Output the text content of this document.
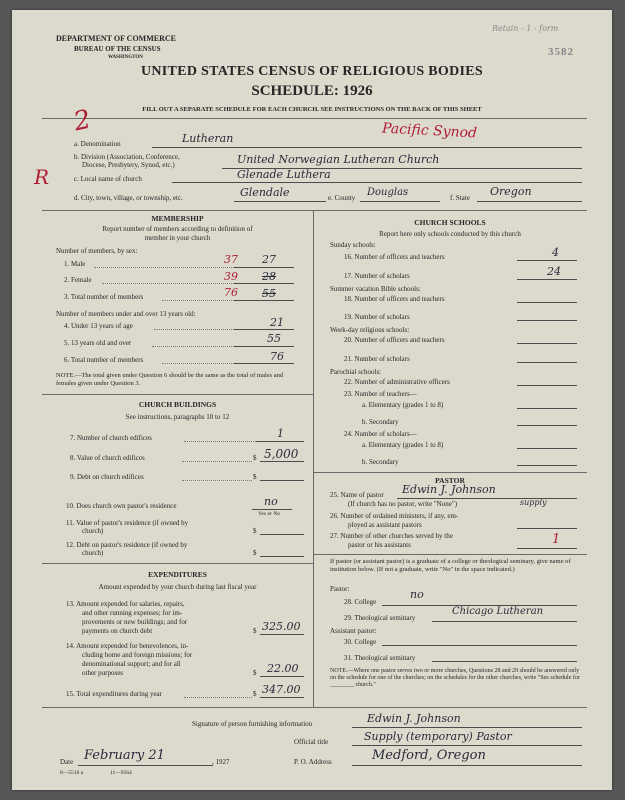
DEPARTMENT OF COMMERCE
BUREAU OF THE CENSUS
WASHINGTON
Retain - 1 - form
3582
UNITED STATES CENSUS OF RELIGIOUS BODIES
SCHEDULE: 1926
FILL OUT A SEPARATE SCHEDULE FOR EACH CHURCH. SEE INSTRUCTIONS ON THE BACK OF THIS SHEET
2
R
Pacific Synod
a. Denomination	Lutheran
b. Division (Association, Conference,
Diocese, Presbytery, Synod, etc.)	United Norwegian Lutheran Church
c. Local name of church	Glenade Luthera
d. City, town, village, or township, etc.	Glendale	e. County Douglas	f. State Oregon
MEMBERSHIP
Report number of members according to definition of
member in your church
Number of members, by sex:
1. Male	37 27
2. Female	39 28
3. Total number of members	76 55
Number of members under and over 13 years old:
4. Under 13 years of age	21
5. 13 years old and over	55
6. Total number of members	76
NOTE.—The total given under Question 6 should be the same as the total of males and females given under Question 3.
CHURCH BUILDINGS
See instructions, paragraphs 10 to 12
7. Number of church edifices	1
8. Value of church edifices	$ 5,000
9. Debt on church edifices	$
10. Does church own pastor's residence	no
Yes or No
11. Value of pastor's residence (if owned by
church)	$
12. Debt on pastor's residence (if owned by
church)	$
EXPENDITURES
Amount expended by your church during last fiscal year
13. Amount expended for salaries, repairs,
and other running expenses; for im-
provements or new buildings; and for
payments on church debt	$ 325.00
14. Amount expended for benevolences, in-
cluding home and foreign missions; for
denominational support; and for all
other purposes	$ 22.00
15. Total expenditures during year	$ 347.00
CHURCH SCHOOLS
Report here only schools conducted by this church
Sunday schools:
16. Number of officers and teachers	4
17. Number of scholars	24
Summer vacation Bible schools:
18. Number of officers and teachers
19. Number of scholars
Week-day religious schools:
20. Number of officers and teachers
21. Number of scholars
Parochial schools:
22. Number of administrative officers
23. Number of teachers—
a. Elementary (grades 1 to 8)
b. Secondary
24. Number of scholars—
a. Elementary (grades 1 to 8)
b. Secondary
PASTOR
25. Name of pastor Edwin J. Johnson
(If church has no pastor, write "None")	supply
26. Number of ordained ministers, if any, em-
ployed as assistant pastors
27. Number of other churches served by the
pastor or his assistants	1
If pastor (or assistant pastor) is a graduate of a college or theological seminary, give name of institution below. (If not a graduate, write "No" in the space indicated.)
Pastor:
28. College
no
29. Theological seminary
Chicago Lutheran
Assistant pastor:
30. College
31. Theological seminary
NOTE.—Where one pastor serves two or more churches, Questions 28 and 29 should be answered only on the schedule for one of the churches; on the schedules for the other churches, write "See schedule for ________ church."
Signature of person furnishing information	Edwin J. Johnson
Official title	Supply (temporary) Pastor
P. O. Address	Medford, Oregon
Date February 21	, 1927
8—5518 a	11—9564
